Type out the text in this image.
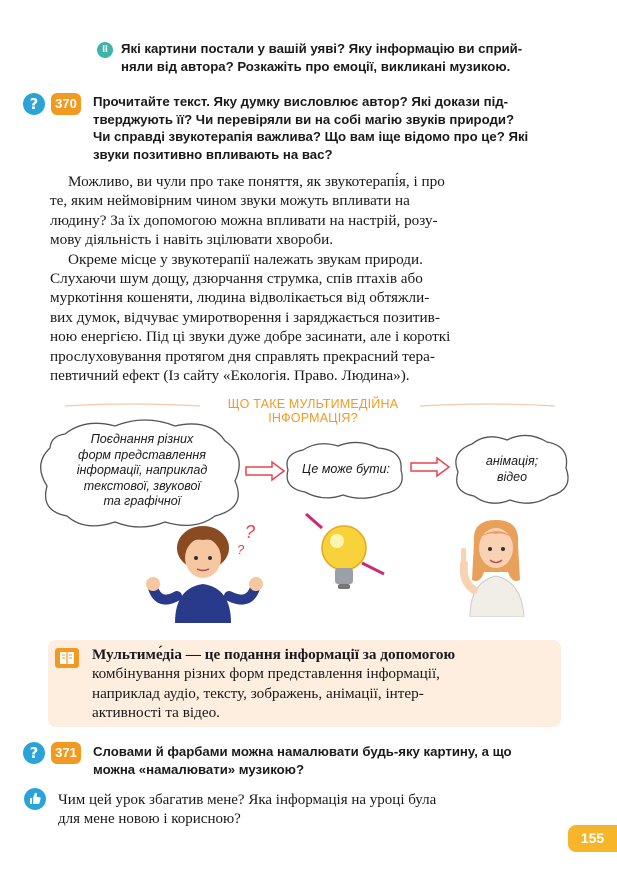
II	Які картини постали у вашій уяві? Яку інформацію ви сприй-
няли від автора? Розкажіть про емоції, викликані музикою.
?	370	Прочитайте текст. Яку думку висловлює автор? Які докази під-
тверджують її? Чи перевіряли ви на собі магію звуків природи?
Чи справді звукотерапія важлива? Що вам іще відомо про це? Які
звуки позитивно впливають на вас?
Можливо, ви чули про таке поняття, як звукотерапі́я, і про
те, яким неймовірним чином звуки можуть впливати на
людину? За їх допомогою можна впливати на настрій, розу-
мову діяльність і навіть зцілювати хвороби.
Окреме місце у звукотерапії належать звукам природи.
Слухаючи шум дощу, дзюрчання струмка, спів птахів або
муркотіння кошеняти, людина відволікається від обтяжли-
вих думок, відчуває умиротворення і заряджається позитив-
ною енергією. Під ці звуки дуже добре засинати, але і короткі
прослуховування протягом дня справлять прекрасний тера-
певтичний ефект (Із сайту «Екологія. Право. Людина»).
ЩО ТАКЕ МУЛЬТИМЕДІЙНА ІНФОРМАЦІЯ?
Поєднання різних
форм представлення
інформації, наприклад
текстової, звукової
та графічної
Це може бути:
анімація;
відео
?
?
Мультиме́діа — це подання інформації за допомогою
комбінування різних форм представлення інформації,
наприклад аудіо, тексту, зображень, анімації, інтер-
активності та відео.
?	371	Словами й фарбами можна намалювати будь-яку картину, а що
можна «намалювати» музикою?
Чим цей урок збагатив мене? Яка інформація на уроці була
для мене новою і корисною?
155
